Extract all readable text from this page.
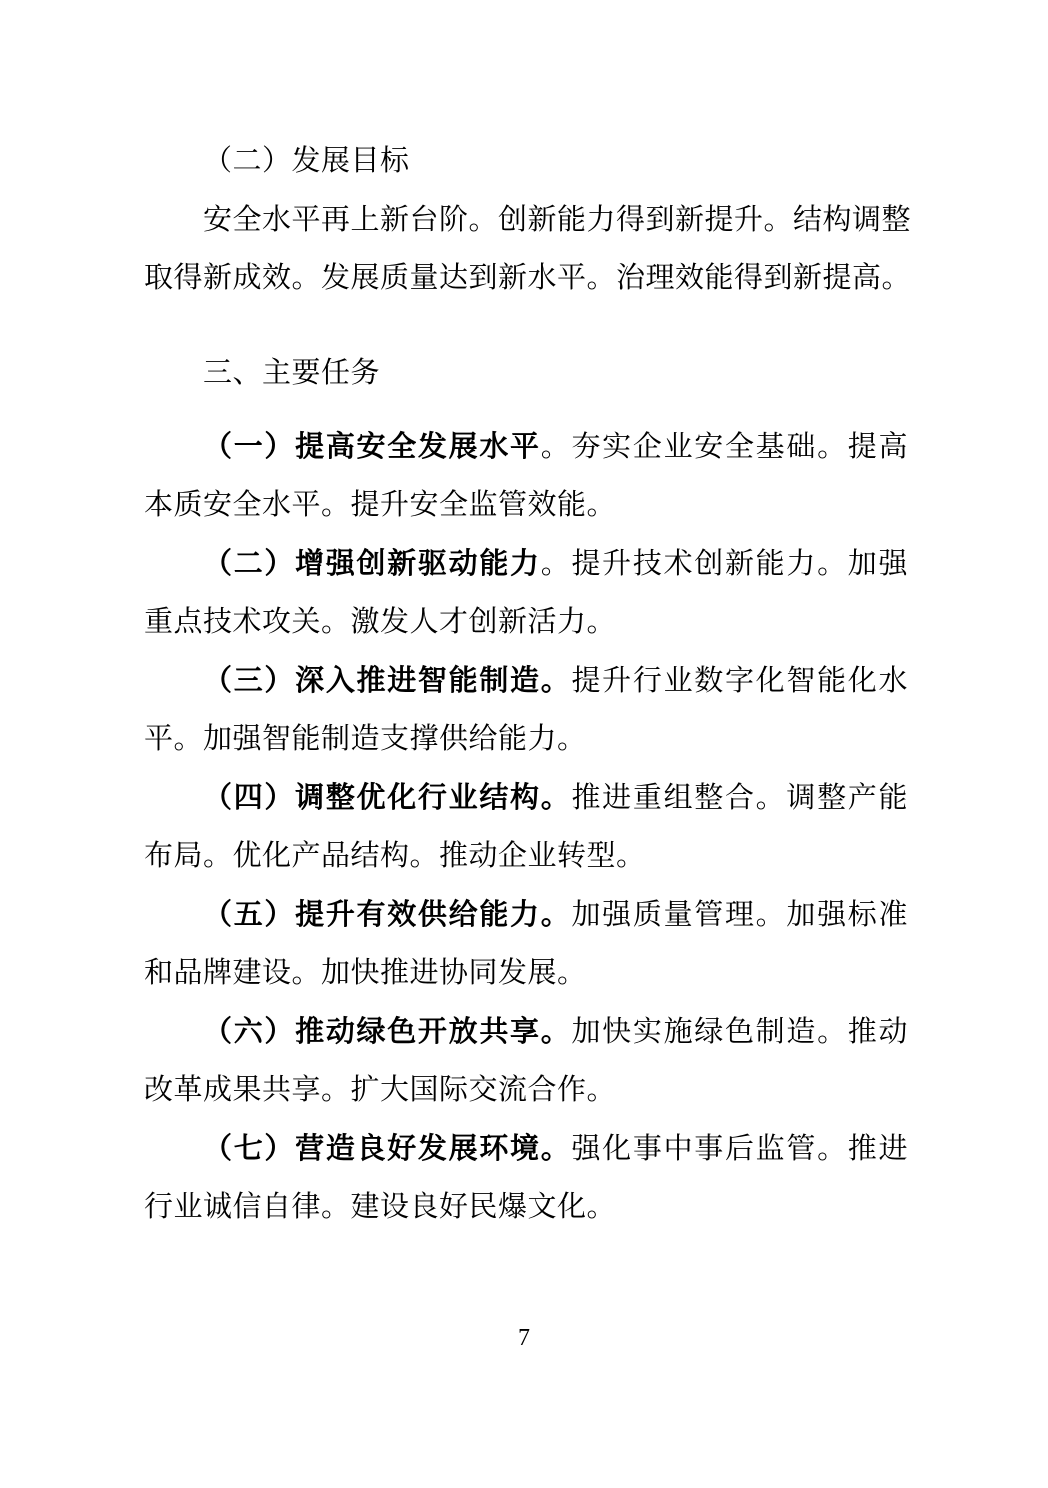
（二）发展目标
安全水平再上新台阶。创新能力得到新提升。结构调整
取得新成效。发展质量达到新水平。治理效能得到新提高。
三、主要任务
（一）提高安全发展水平。夯实企业安全基础。提高
本质安全水平。提升安全监管效能。
（二）增强创新驱动能力。提升技术创新能力。加强
重点技术攻关。激发人才创新活力。
（三）深入推进智能制造。提升行业数字化智能化水
平。加强智能制造支撑供给能力。
（四）调整优化行业结构。推进重组整合。调整产能
布局。优化产品结构。推动企业转型。
（五）提升有效供给能力。加强质量管理。加强标准
和品牌建设。加快推进协同发展。
（六）推动绿色开放共享。加快实施绿色制造。推动
改革成果共享。扩大国际交流合作。
（七）营造良好发展环境。强化事中事后监管。推进
行业诚信自律。建设良好民爆文化。
7
